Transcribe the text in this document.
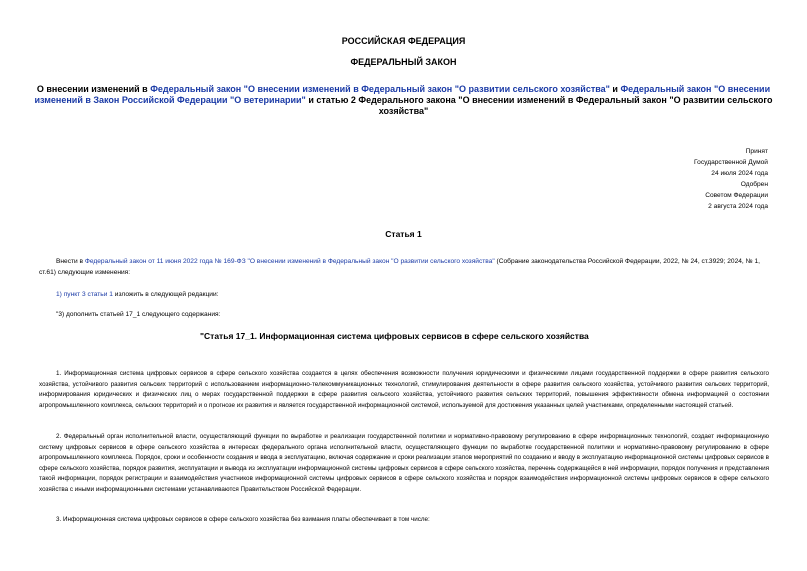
РОССИЙСКАЯ ФЕДЕРАЦИЯ
ФЕДЕРАЛЬНЫЙ ЗАКОН
О внесении изменений в Федеральный закон "О внесении изменений в Федеральный закон "О развитии сельского хозяйства" и Федеральный закон "О внесении изменений в Закон Российской Федерации "О ветеринарии" и статью 2 Федерального закона "О внесении изменений в Федеральный закон "О развитии сельского хозяйства"
Принят
Государственной Думой
24 июля 2024 года
Одобрен
Советом Федерации
2 августа 2024 года
Статья 1
Внести в Федеральный закон от 11 июня 2022 года № 169-ФЗ "О внесении изменений в Федеральный закон "О развитии сельского хозяйства" (Собрание законодательства Российской Федерации, 2022, № 24, ст.3929; 2024, № 1, ст.61) следующие изменения:
1) пункт 3 статьи 1 изложить в следующей редакции:
"3) дополнить статьей 17_1 следующего содержания:
"Статья 17_1. Информационная система цифровых сервисов в сфере сельского хозяйства
1. Информационная система цифровых сервисов в сфере сельского хозяйства создается в целях обеспечения возможности получения юридическими и физическими лицами государственной поддержки в сфере развития сельского хозяйства, устойчивого развития сельских территорий с использованием информационно-телекоммуникационных технологий, стимулирования деятельности в сфере развития сельского хозяйства, устойчивого развития сельских территорий, информирования юридических и физических лиц о мерах государственной поддержки в сфере развития сельского хозяйства, устойчивого развития сельских территорий, повышения эффективности обмена информацией о состоянии агропромышленного комплекса, сельских территорий и о прогнозе их развития и является государственной информационной системой, используемой для достижения указанных целей участниками, определенными настоящей статьей.
2. Федеральный орган исполнительной власти, осуществляющий функции по выработке и реализации государственной политики и нормативно-правовому регулированию в сфере информационных технологий, создает информационную систему цифровых сервисов в сфере сельского хозяйства в интересах федерального органа исполнительной власти, осуществляющего функции по выработке государственной политики и нормативно-правовому регулированию в сфере агропромышленного комплекса. Порядок, сроки и особенности создания и ввода в эксплуатацию, включая содержание и сроки реализации этапов мероприятий по созданию и вводу в эксплуатацию информационной системы цифровых сервисов в сфере сельского хозяйства, порядок развития, эксплуатации и вывода из эксплуатации информационной системы цифровых сервисов в сфере сельского хозяйства, перечень содержащейся в ней информации, порядок получения и представления такой информации, порядок регистрации и взаимодействия участников информационной системы цифровых сервисов в сфере сельского хозяйства и порядок взаимодействия информационной системы цифровых сервисов в сфере сельского хозяйства с иными информационными системами устанавливаются Правительством Российской Федерации.
3. Информационная система цифровых сервисов в сфере сельского хозяйства без взимания платы обеспечивает в том числе:
